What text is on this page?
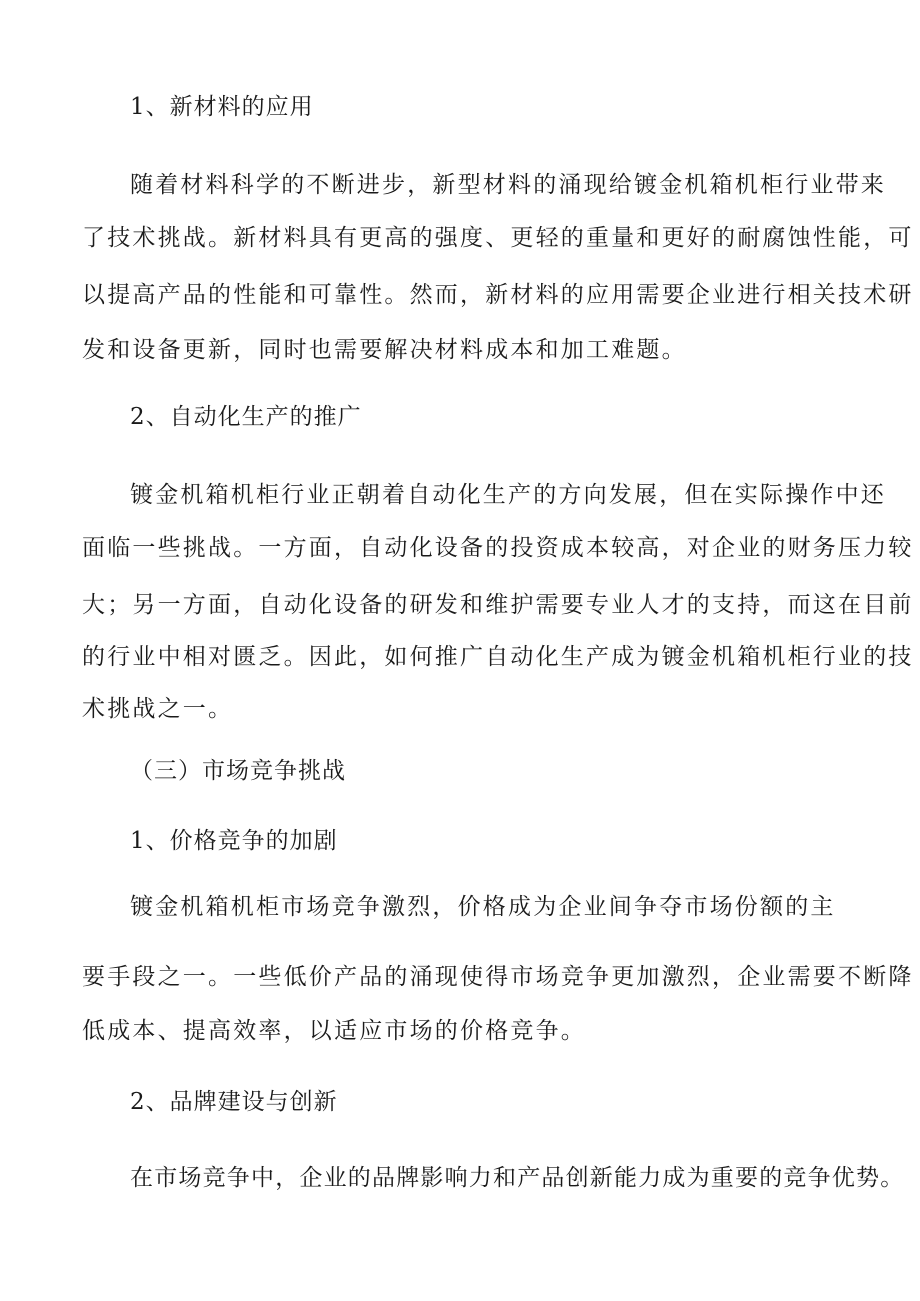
1、新材料的应用
随着材料科学的不断进步，新型材料的涌现给镀金机箱机柜行业带来
了技术挑战。新材料具有更高的强度、更轻的重量和更好的耐腐蚀性能，可
以提高产品的性能和可靠性。然而，新材料的应用需要企业进行相关技术研
发和设备更新，同时也需要解决材料成本和加工难题。
2、自动化生产的推广
镀金机箱机柜行业正朝着自动化生产的方向发展，但在实际操作中还
面临一些挑战。一方面，自动化设备的投资成本较高，对企业的财务压力较
大；另一方面，自动化设备的研发和维护需要专业人才的支持，而这在目前
的行业中相对匮乏。因此，如何推广自动化生产成为镀金机箱机柜行业的技
术挑战之一。
（三）市场竞争挑战
1、价格竞争的加剧
镀金机箱机柜市场竞争激烈，价格成为企业间争夺市场份额的主
要手段之一。一些低价产品的涌现使得市场竞争更加激烈，企业需要不断降
低成本、提高效率，以适应市场的价格竞争。
2、品牌建设与创新
在市场竞争中，企业的品牌影响力和产品创新能力成为重要的竞争优势。
